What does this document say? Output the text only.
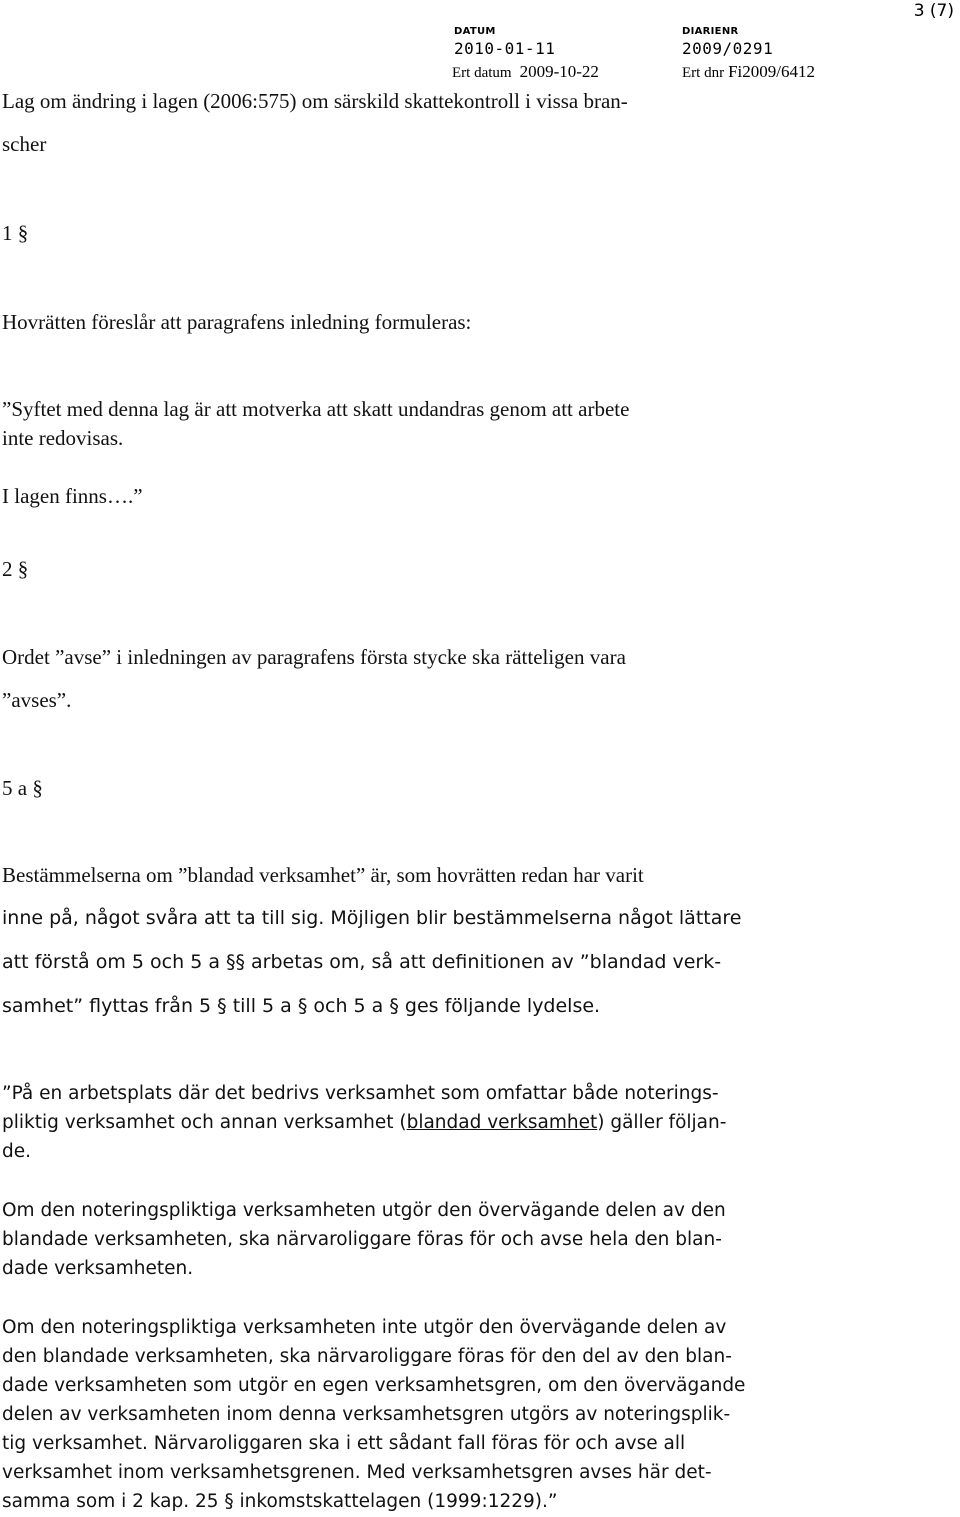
3 (7)
DATUM
2010-01-11
DIARIENR
2009/0291
Ert datum 2009-10-22	Ert dnr Fi2009/6412
Lag om ändring i lagen (2006:575) om särskild skattekontroll i vissa bran-
scher
1 §
Hovrätten föreslår att paragrafens inledning formuleras:
”Syftet med denna lag är att motverka att skatt undandras genom att arbete
inte redovisas.
I lagen finns….”
2 §
Ordet ”avse” i inledningen av paragrafens första stycke ska rätteligen vara
”avses”.
5 a §
Bestämmelserna om ”blandad verksamhet” är, som hovrätten redan har varit
inne på, något svåra att ta till sig. Möjligen blir bestämmelserna något lättare
att förstå om 5 och 5 a §§ arbetas om, så att definitionen av ”blandad verk-
samhet” flyttas från 5 § till 5 a § och 5 a § ges följande lydelse.
”På en arbetsplats där det bedrivs verksamhet som omfattar både noterings-
pliktig verksamhet och annan verksamhet (blandad verksamhet) gäller följan-
de.
Om den noteringspliktiga verksamheten utgör den övervägande delen av den
blandade verksamheten, ska närvaroliggare föras för och avse hela den blan-
dade verksamheten.
Om den noteringspliktiga verksamheten inte utgör den övervägande delen av
den blandade verksamheten, ska närvaroliggare föras för den del av den blan-
dade verksamheten som utgör en egen verksamhetsgren, om den övervägande
delen av verksamheten inom denna verksamhetsgren utgörs av noteringsplik-
tig verksamhet. Närvaroliggaren ska i ett sådant fall föras för och avse all
verksamhet inom verksamhetsgrenen. Med verksamhetsgren avses här det-
samma som i 2 kap. 25 § inkomstskattelagen (1999:1229).”
